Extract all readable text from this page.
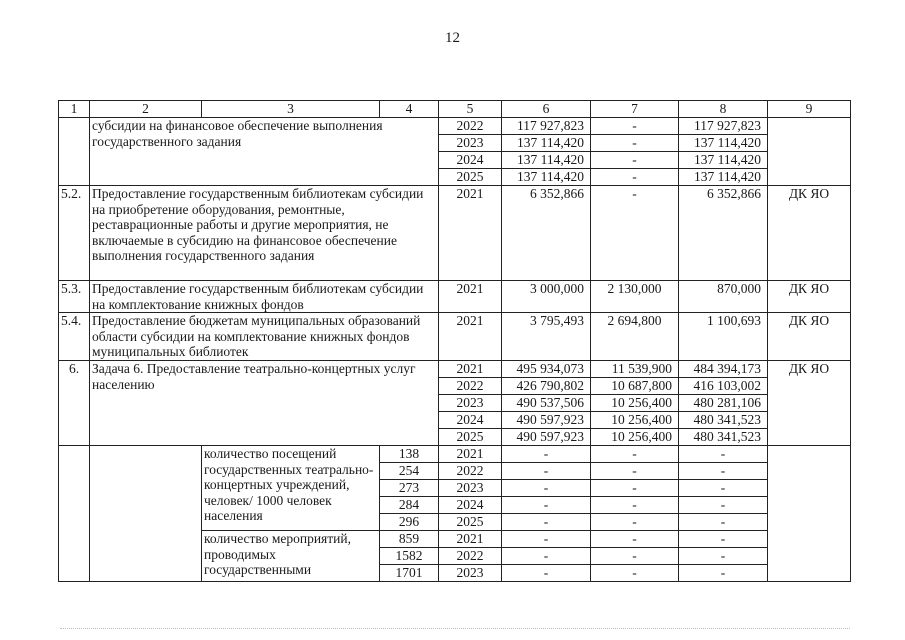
12
1	2	3	4	5	6	7	8	9
	субсидии на финансовое обеспечение выполнения государственного задания			2022	117 927,823	-	117 927,823	
				2023	137 114,420	-	137 114,420	
				2024	137 114,420	-	137 114,420	
				2025	137 114,420	-	137 114,420	
5.2.	Предоставление государственным библиотекам субсидии на приобретение оборудования, ремонтные, реставрационные работы и другие мероприятия, не включаемые в субсидию на финансовое обеспечение выполнения государственного задания			2021	6 352,866	-	6 352,866	ДК ЯО
5.3.	Предоставление государственным библиотекам субсидии на комплектование книжных фондов			2021	3 000,000	2 130,000	870,000	ДК ЯО
5.4.	Предоставление бюджетам муниципальных образований области субсидии на комплектование книжных фондов муниципальных библиотек			2021	3 795,493	2 694,800	1 100,693	ДК ЯО
6.	Задача 6. Предоставление театрально-концертных услуг населению			2021	495 934,073	11 539,900	484 394,173	ДК ЯО
				2022	426 790,802	10 687,800	416 103,002	
				2023	490 537,506	10 256,400	480 281,106	
				2024	490 597,923	10 256,400	480 341,523	
				2025	490 597,923	10 256,400	480 341,523	
		количество посещений государственных театрально-концертных учреждений, человек/ 1000 человек населения	138	2021	-	-	-	
			254	2022	-	-	-	
			273	2023	-	-	-	
			284	2024	-	-	-	
			296	2025	-	-	-	
		количество мероприятий, проводимых государственными	859	2021	-	-	-	
			1582	2022	-	-	-	
			1701	2023	-	-	-	
